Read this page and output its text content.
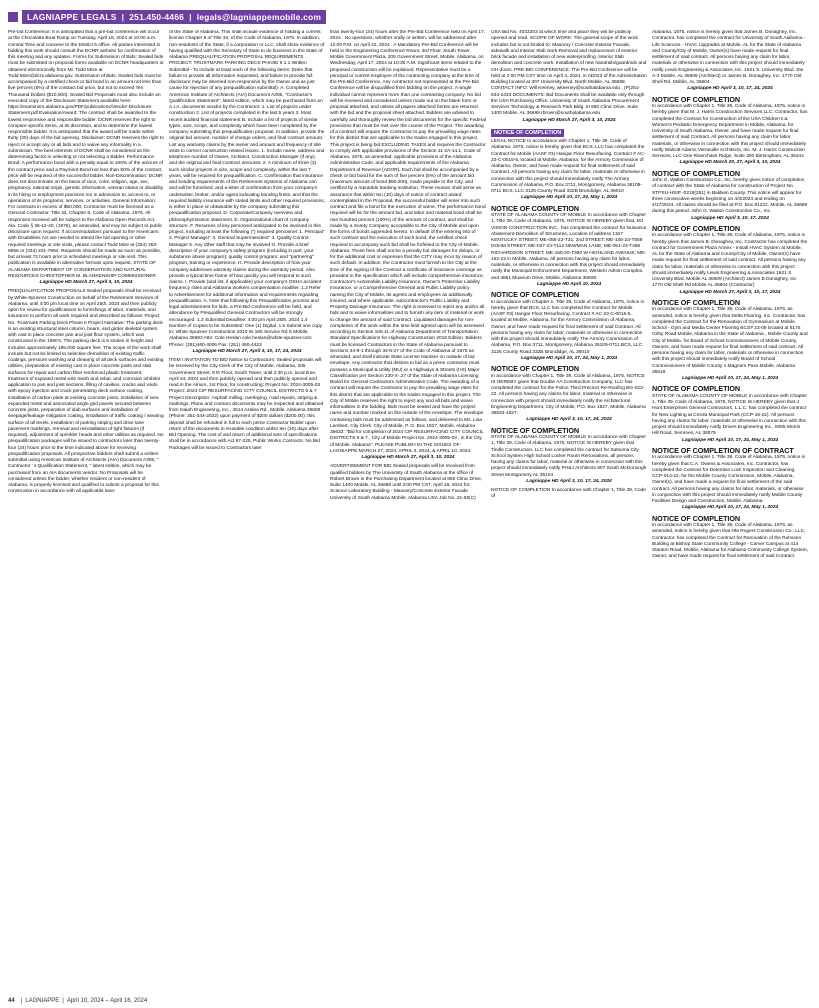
LAGNIAPPE LEGALS | 251.450-4466 | legals@lagniappemobile.com

Pre-bid Conference: It is anticipated that a pre-bid conference will occur at the Chocolatta Boat Ramp on Tuesday, April 16, 2024 at 10:00 a.m. Central Time and convene to the District 5 office. All parties interested in bidding this work should consult the DCNR website for confirmation of this meeting and any updates. Forms for Submission of Bids: Sealed bids must be submitted on proposal forms available on DCNR headquarters or obtained electronically from Mr. Todd Mize at Todd.Mize@dcnr.alabama.gov. Submission of Bids: Sealed bids must be accompanied by a certified check or bid bond in an amount not less than five percent (5%) of the contract bid price, but not to exceed Ten Thousand Dollars ($10,000). Sealed Bid Proposals must also include an executed copy of the Disclosure Statement available here: https://examiners.alabama.gov/PDF/publications/Vendor-Disclosure-Statement.pdf Evaluation/Award: The contract shall be awarded to the lowest responsive and responsible bidder. DCNR reserves the right to compare specific items, at its discretion, and to determine the lowest responsible bidder. It is anticipated that the award will be made within thirty (30) days of the bid opening. Disclaimer: DCNR reserves the right to reject or accept any or all bids and to waive any informality in a submission. The best interests of DCNR shall be considered as the determining factor in selecting or not selecting a Bidder. Performance Bond: A performance bond with a penalty equal to 100% of the amount of the contract price and a Payment Bond not less than 50% of the contract price will be required of the successful bidder. Non-Discrimination: DCNR does not discriminate on the basis of race, color, religion, age, sex, pregnancy, national origin, genetic information, veteran status or disability in its hiring or employment practices nor in admission to, access to, or operations of its programs, services, or activities. General Information: For contracts in excess of $50,000, Contractor must be licensed as a General Contractor. Title 34, Chapter 8, Code of Alabama, 1975. All responses received will be subject to the Alabama Open Records Act, Ala. Code § 36-12-40, (1975), as amended, and may be subject to public disclosure upon request. If accommodations pursuant to the Americans with Disabilities Act are needed to attend the bid opening or other required meetings or site visits, please contact Todd Mize at (334) 353-8956 or (334) 201-7994. Requests should be made as soon as possible, but at least 72 hours prior to scheduled meetings or site visit. This publication is available in alternative formats upon request. STATE OF ALABAMA DEPARTMENT OF CONSERVATION AND NATURAL RESOURCES CHRISTOPHER M. BLANKENSHIP COMMISSIONER

Lagniappe HD March 27, April 3, 10, 2024

PREQUALIFICATION PROPOSALS Sealed proposals shall be received by White-Spunner Construction on behalf of the Retirement Services of Alabama, until 4:00 pm local time on April 25th, 2024 and then publicly open for review for qualifications to furnishings of labor, materials, and insurance to perform all work required and described as follows: Project No. Trustmark Parking Deck Phase II Project Narrative: The parking deck is an existing structural steel column, beam, and girder skeletal system with cast in place concrete pan and joist floor system, which was constructed in the 1960's. The parking deck is 6 stories in height and includes approximately 185,000 square feet. The scope of the work shall include but not be limited to selective demolition of existing traffic coatings, pressure washing and cleaning of all deck surfaces and existing utilities, preparation of existing cast in place concrete joists and slab surfaces for repair and carbon fiber reinforced plastic treatment, treatment of exposed metal wire mesh and rebar, and corrosion inhibitor application to pan and joist sections, filling of cavities, cracks and voids with epoxy injection and crack penetrating deck surface coating, installation of carbon plate at existing concrete joists, installation of new expanded metal and associated angle grid panels secured between concrete joists, preparation of slab surfaces and installation of seepage/leakage mitigation coating, installation of traffic coating / wearing surface of all levels, installation of parking striping and drive lane pavement markings, removal and reinstallation of light fixtures (if required), adjustment of sprinkler heads and other utilities as required. No prequalification packages will be issued to contractors later than twenty-four (24) hours prior to the time indicated above for receiving prequalification proposals. All prospective bidders shall submit a written submittal using American Institute of Architects (AIA) Document A305, " Contractor ' s Qualification Statement, " latest edition, which may be purchased from an AIA documents vendor. No Proposals will be considered unless the bidder, whether resident or non-resident of Alabama, is properly licensed and qualified to submit a proposal for this construction in accordance with all applicable laws

of the State of Alabama. This shall include evidence of holding a current license Chapter 8 of Title 34, of the Code of Alabama, 1975. In addition, non-residents of the State, if a corporation or LLC, shall show evidence of having qualified with the Secretary of State to do business in the State of Alabama PREQUALIFICATION PROPOSAL REQUIREMENTS PROJECT: TRUSTMARK PARKING DECK PHASE II 1.1 Written Submittal - To include at least each of the following items: (Note that failure to provide all information requested, and failure to provide full disclosure may be deemed non-responsive by the Owner and as just cause for rejection of any prequalification submittal). A. Completed American Institute of Architects (AIA) Document A305, "Contractor's Qualification Statement", latest edition, which may be purchased from an A.I.A. documents vendor by the Contractor. 1. List of projects under construction 2. List of projects completed in the last 5 years 3. Most recent audited financial statement B. Include a list of projects of similar types, size, scope, and complexity which have been completed by the company submitting this prequalification proposal. In addition, provide the original bid amount, number of change orders, and final contract amount. List any warranty claims by the owner and amount and frequency of site visits to correct construction related issues. 1. Include name, address and telephone number of Owner, Architect, Construction Manager (if any), and the original and final Contract amounts. 2. A minimum of three (3) such similar projects in size, scope and complexity, within the last 7 years, will be required for prequalification. C. Confirmation that insurance and bonding requirements of the Retirement Systems of Alabama can and will be furnished, and a letter of confirmation from your company's underwriter, broker, and/or agent indicating bonding limits, and that the required liability insurance with stated limits and other required provisions, is either in place or obtainable by the company submitting this prequalification proposal. D. Corporate/Company overview and philosophy/mission statement. E. Organizational chart of company structure. F. Resumes of key personnel anticipated to be involved in this project, including at least the following (") required personnel: 1. Principal" 2. Project Manager" 3. General Superintendent" 4. Quality Control Manager 5. Any other staff that may be involved G. Provide a brief description of your company's safety program (including in part, your substance abuse program); quality control program; and "partnering" program, training or experience. H. Provide description of how your company addresses warranty claims during the warranty period. Also provide a typical time frame of how quickly you will respond to such claims. I. Provide (and list, if applicable) your company's OSHA accident frequency rates and Alabama workers compensation modifier. 1.2 Refer to Advertisement for additional information and requirements regarding prequalification. A. Note that following this Prequalification process and legal advertisement for bids, a Pre-Bid Conference will be held, and attendance by Prequalified General Contractors will be strongly encouraged. 1.3 Submittal Deadline: 4:00 pm April 25th, 2024 1.4 Number of Copies to be Submitted: One (1) Digital. 1.5 Submit one copy to: White Spunner Construction 2010 W 165 Service Rd S Mobile, Alabama 36693 Attn: Cole Heslan cole.heslan@white-spunner.com Phone: (251)460-4006 Fax: (251) 460-4423

Lagniappe HD March 27, April 3, 10, 17, 24, 2024

ITEM I INVITATION TO BID Notice to Contractors: Sealed proposals will be received by the City Clerk of the City of Mobile, Alabama, 205 Government Street, 9 th Floor, South Tower, until 2:30 p.m. local time, April 24, 2024 and then publicly opened and then publicly opened and read in the Atrium, 1st Floor, for constructing: Project No: 2024-3005-03 Project: 2024 CIP RESURFACING CITY COUNCIL DISTRICTS 6 & 7 Project Description: Asphalt milling, overlaying, road repairs, striping & markings. Plans and contract documents may be inspected and obtained from Isaiah Engineering, Inc., 4514 Azalea Rd., Mobile, Alabama 36609 (Phone: 251-344-2022) upon payment of $200 dollars ($200.00); this deposit shall be refunded in full to each prime Contractor Bidder upon return of the documents in reusable condition within ten (10) days after Bid Opening. The cost of and return of additional sets of specifications shall be in accordance with Act 97-225, Public Works Contracts. No Bid Packages will be issued to Contractors later

than twenty-four (24) hours after the Pre-Bid Conference held on April 17, 2024 . No questions, whether orally or written, will be addressed after 12:00 P.M. on April 22, 2024 . A Mandatory Pre-Bid Conference will be held in the Engineering Conference Room, 3rd Floor, South Tower, Mobile Government Plaza, 205 Government Street, Mobile, Alabama, on Wednesday, April 17, 2024 at 10:30 A.M. Significant items related to the proposed construction will be explained. Representative must be a principal or current employee of the contracting company at the time of the Pre-Bid Conference. Any contractor not represented at the Pre-Bid Conference will be disqualified from bidding on the project. A single individual cannot represent more than one contracting company. No bid will be received and considered unless made out on the blank form or proposal attached, and unless all papers attached hereto are returned with the bid and the proposal sheet attached. Bidders are advised to carefully and thoroughly review the bid documents for the specific Federal provisions that must be met over the course of the Project. The awarding of a contract will require the Contractor to pay the prevailing wage rates for this district that are applicable to the trades engaged in this project. This project is being bid EXCLUDING TAXES and requires the Contractor to comply with applicable provisions of the Section 11-2A-14.1, Code of Alabama, 1975, as amended; applicable provisions of the Alabama Administrative Code; and applicable requirements of the Alabama Department of Revenue (ADOR). Each bid shall be accompanied by a check or bid bond for the sum of five percent (5%) of the amount bid (maximum amount of bond $50,000), made payable to the City, and certified by a reputable banking institution. These monies shall serve as assurance that within ten (10) days of notice of contract award contemplated in the Proposal, the successful bidder will enter into such contract and file a bond for the execution of same. The performance bond required will be for the amount bid, and labor and material bond shall be one hundred percent (100%) of the amount of contract, and shall be made by a Surety Company acceptable to the City of Mobile and upon the forms of bonds appended hereto. In default of the entering into of such contract and the execution of such bond, the certified check required to accompany such bid shall be forfeited to the City of Mobile, Alabama. These fees shall not be a penalty but damages for delays, or for the additional cost or expenses that the CITY may incur by reason of such default. In addition, the Contractor must furnish to the City at the time of the signing of the Contract a certificate of insurance coverage as provided in the specification which will include comprehensive insurance, Contractor's Automobile Liability Insurance, Owner's Protective Liability Insurance, or a Comprehensive General and Public Liability policy naming the City of Mobile, its agents and employees as additionally insured, and where applicable, subcontractor's Public Liability and Property Damage Insurance. The right is reserved to reject any and/or all bids and to waive informalities and to furnish any item of material or work to change the amount of said Contract. Liquidated damages for non-completion of the work within the time limit agreed upon will be assessed according to Section 108.11 of Alabama Department of Transportation Standard Specifications for Highway Construction 2018 Edition. Bidders must be licensed Contractors in the State of Alabama pursuant to Sections 34-8-1 through 34-8-27 of the Code of Alabama of 1975 as amended, and shall indicate State License Number on outside of bid envelope. Any contractor that desires to bid as a prime contractor must possess a Municipal & Utility (MU) or a Highways & Streets (HS) Major Classification per Section 230-X-.27 of the State of Alabama Licensing Board for General Contractors Administrative Code. The awarding of a contract will require the Contractor to pay the prevailing wage rates for this district that are applicable to the trades engaged in this project. The City of Mobile reserves the right to reject any and all bids and waive informalities in the bidding. Bids must be sealed and have the project name and number marked on the outside of the envelope. The envelope containing bids must be addressed as follows, and delivered to Ms. Lisa Lambert, City Clerk; City of Mobile, P. O. Box 1827, Mobile, Alabama 36633: "Bid for completion of 2024 CIP RESURFACING CITY COUNCIL DISTRICTS 6 & 7 , City of Mobile Project No. 2024-3005-03 , in the City of Mobile, Alabama". PLEASE PUBLISH IN THE ISSUES OF: LAGNIAPPE MARCH 27, 2024, APRIL 3, 2024, & APRIL 10, 2024.

Lagniappe HD March 27, April 3, 10, 2024

ADVERTISEMENT FOR BID Sealed proposals will be received from qualified bidders by The University of South Alabama at the office of Robert Brown in the Purchasing Department located at 650 Clinic Drive, Suite 1400 Mobile, AL 36688 until 3:00 PM CST, April 18, 2024 for: Science Laboratory Building - Masonry/Concrete Exterior Facade University of South Alabama Mobile, Alabama USA Job No. 21-55(C)

USA Bid No. 4032203 at which time and place they will be publicly opened and read. SCOPE OF WORK: The general scope of the work includes but is not limited to: Masonry / Concrete Exterior Facade, sidewalk and Interior Slab work-Removal and replacement of exterior brick facade and installation of new waterproofing. Interior Slab demolition and concrete work. Installation of new handrails/guardrails and OH doors. PRE-BID CONFERENCE: The Pre-Bid Conference will be held at 2:00 PM CST time on April 4, 2024, in AD023 of the Administration Building located at 307 University Blvd. North Mobile, AL 36688 CONTACT INFO: Will Keeney, wkeeney@southalabama.edu , (P)251-533-2433 DOCUMENTS: Bid Documents shall be available only through the USA Purchasing Office. University of South Alabama Procurement Services Technology & Research Park Bldg. III 650 Clinic Drive, Suite 1400 Mobile, AL 36688 rbrown@southalabama.edu

Lagniappe HD March 27, April 3, 10, 2024

NOTICE OF COMPLETION

LEGAL NOTICE In accordance with Chapter 1, Title 39, Code of Alabama, 1975, notice is hereby given that BCS, LLC has completed the Contract for Mobile (AASF #3) Hangar Floor Resurfacing, Contract # AC-23-C-0015-5, located at Mobile, Alabama, for the Armory Commission of Alabama, Owner, and have made request for final settlement of said Contract. All persons having any claim for labor, materials or otherwise in connection with this project should immediately notify The Armory Commission of Alabama, P.O. Box 3711, Montgomery, Alabama 36109-0711 BCS, LLC 3125 County Road 332B Brundidge, AL 36010

Lagniappe HD April 10, 17, 24, May 1, 2024

NOTICE OF COMPLETION

STATE OF ALABAMA COUNTY OF MOBILE In accordance with Chapter 1, Title 39, Code of Alabama, 1975, NOTICE IS HEREBY given that, MJ VISION CONSTRUCTION INC., has completed the contract for Nuisance Abatement-Demolition of Structures, Location of address 1157 KENTUCKY STREET; ME-055-23-T31: 2nd STREET; ME-105-23-T559 DOHM STREET; ME-027-23-T112 NEWMAN LANE; ME-051-23-T459 RICHARDSON STREET; ME-150-20-T360 W HIGHLAND AVENUE; ME-162-22 in Mobile, Alabama. All persons having any claim for labor, materials, or otherwise in connection with this project should immediately notify the Municipal Enforcement Department, Western Admin Complex, and 4851 Museum Drive, Mobile, Alabama 36608.

Lagniappe HD April 10, 2024

NOTICE OF COMPLETION

In accordance with Chapter 1, Title 39, Code of Alabama, 1975, notice is hereby given that BCS, LLC has completed the Contract for Mobile (AASF #3) Hangar Floor Resurfacing, Contract # AC-23-C-0015-5, located at Mobile, Alabama, for the Armory Commission of Alabama, Owner, and have made request for final settlement of said Contract. All persons having any claim for labor, materials or otherwise in connection with this project should immediately notify The Armory Commission of Alabama, P.O. Box 3711, Montgomery, Alabama 36109-0711 BCS, LLC 3125 County Road 332B Brundidge, AL 36010

Lagniappe HD April 10, 17, 24, May 1, 2024

NOTICE OF COMPLETION

In accordance with Chapter 1, Title 39, Code of Alabama, 1975, NOTICE IS HEREBY given that Double AA Construction Company, LLC has completed the contract for the Police Third Precinct Re-Roofing BG-023-22. All persons having any claims for labor, material or otherwise in connection with project should immediately notify the Architectural Engineering Department, City of Mobile, P.O. Box 1827, Mobile, Alabama 36633-1827.

Lagniappe HD April 3, 10, 17, 24, 2024

NOTICE OF COMPLETION

STATE OF ALABAMA COUNTY OF MOBILE In accordance with Chapter 1, Title 39, Code of Alabama, 1975, NOTICE IS HEREBY given that Tindle Construction, LLC has completed the contract for Satsuma City School System High School Locker Room Renovations, all persons having any claims for labor, material or otherwise in connection with this project should immediately notify PH&J Architects 807 South McDonough Street Montgomery AL 36104

Lagniappe HD April 3, 10, 17, 24, 2024

NOTICE OF COMPLETION In accordance with Chapter 1, Title 39, Code of

Alabama, 1975, notice is hereby given that James B. Donaghey, Inc. Contractor, has completed the contract for University of South Alabama - Life Sciences - HVAC Upgrades at Mobile, AL for the State of Alabama and County/City of Mobile, Owner(s) have made request for final settlement of said contract. All persons having any claim for labor, materials or otherwise in connection with this project should immediately notify Lewis Engineering & Associates, Inc. 1621 S. University Blvd. Ste A-3 Mobile, AL 36609 (Architect) or James B. Donaghey, Inc. 1770 Old Shell Rd. Mobile, AL 36604.

Lagniappe HD April 3, 10, 17, 24, 2024

NOTICE OF COMPLETION

In accordance with Chapter 1, Title 39, Code of Alabama, 1975, notice is hereby given that M. J. Harris Construction Services LLC, Contractor, has completed the Contract for Construction of the USA Children's & Women's Pediatric Emergency Department in Mobile, Alabama, for University of South Alabama, Owner, and have made request for final settlement of said Contract. All persons having any claim for labor, materials, or otherwise in connection with this project should immediately notify Walcott Adams Verneuille Architects, Inc. M. J. Harris Construction Services, LLC One Riverchase Ridge, Suite 300 Birmingham, AL 35244

Lagniappe HD March 20, 27, April 3, 10, 2024

NOTICE OF COMPLETION

John G. Walton Construction Co., Inc. hereby gives notice of completion of contract with the State of Alabama for construction of Project No. STPSU-HSIP -0219(251) in Baldwin County. This notice will appear for three consecutive weeks beginning on 4/3/2024 and ending on 4/17/2024. All claims should be filed at P.O. Box 81222, Mobile, AL 36689 during this period. John G. Walton Construction Co., Inc.

Lagniappe HD April 3, 10, 17, 2024

NOTICE OF COMPLETION

In accordance with Chapter 1, Title 39, Code of Alabama, 1975, notice is hereby given that James B. Donaghey, Inc. Contractor has completed the contract for Government Plaza Annex - Install HVAC System at Mobile, AL for the State of Alabama and County/City of Mobile, Owner(s) have made request for final settlement of said contract. All persons having any claim for labor, materials or otherwise in connection with this project should immediately notify Lewis Engineering & Associates 1621 S University Blvd. Mobile AL 36609 (Architect) James B Donaghey, Inc 1770 Old Shell Rd Mobile AL 36604 (Contractor)

Lagniappe HD March 27, April 3, 10, 17, 2024

NOTICE OF COMPLETION

In accordance with Chapter 1, Title 39, Code of Alabama, 1975, as amended, notice is hereby given that Delta Flooring, Inc. Contractor, has completed the Contract for the Renovation of Gymnasium at Mobile School - Gym and Media Center Flooring BCS# 23-09 located at 6175 Girby Road Mobile, Alabama in the State of Alabama , Mobile County and City of Mobile, for Board of School Commissioners of Mobile County, Owners, and have made request for final settlement of said contract. All persons having any claim for labor, materials or otherwise in connection with this project should immediately notify Board of School Commissioners of Mobile County 1 Magnum Pass Mobile, Alabama 36618.

Lagniappe HD April 10, 17, 24, May 1, 2024

NOTICE OF COMPLETION

STATE OF ALABAMA COUNTY OF MOBILE In accordance with Chapter 1, Title 39, Code of Alabama, 1975, NOTICE IS HEREBY given that J Hunt Enterprises General Contractors, L.L.C. has completed the contract for New Lighting at Creola Municipal Park (CCP-18-22). All persons having any claims for labor, materials or otherwise in connection with this project should immediately notify Driven Engineering Inc., 8005 Morris Hill Road, Semmes, AL 36575

Lagniappe HD April 10, 17, 24, May 1, 2024

NOTICE OF COMPLETION OF CONTRACT

In accordance with Chapter 1, Title 39, Code of Alabama, 1975, notice is hereby given that C.A. Owens & Associates, Inc. Contractor, has completed the Contract for Detention Lock Inspection and Cleaning, CCP-014-22, for the Mobile County Commission, Mobile, Alabama, Owner(s), and have made a request for final settlement of the said contract. All persons having any claims for labor, materials, or otherwise in conjunction with this project should immediately notify Mobile County Facilities Design and Construction, Mobile, Alabama.

Lagniappe HD April 10, 17, 24, May 1, 2024

NOTICE OF COMPLETION

In accordance with Chapter 1, Title 39, Code of Alabama, 1975, as amended, notice is hereby given that HM Rogers Construction Co., LLC, Contractor, has completed the Contract for Renovation of the Ruhssen Building at Bishop State Community College - Carver Campus at 414 Stanton Road, Mobile, Alabama for Alabama Community College System, Owner, and have made request for final settlement of said Contract.

44 | LAGNIAPPE | April 10, 2024 – April 16, 2024
